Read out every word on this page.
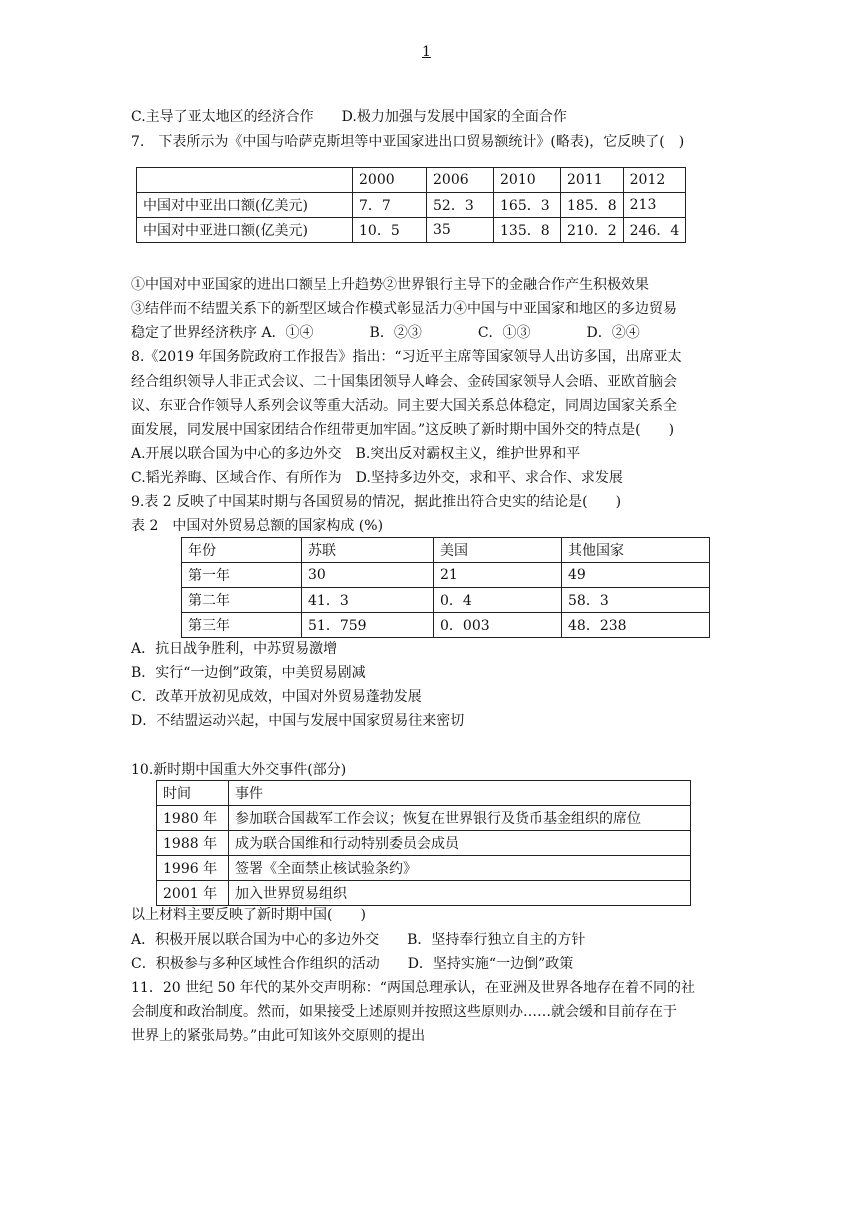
1
C.主导了亚太地区的经济合作　　D.极力加强与发展中国家的全面合作
7.　下表所示为《中国与哈萨克斯坦等中亚国家进出口贸易额统计》(略表)，它反映了(　)
	2000	2006	2010	2011	2012
中国对中亚出口额(亿美元)	7．7	52．3	165．3	185．8	213
中国对中亚进口额(亿美元)	10．5	35	135．8	210．2	246．4
①中国对中亚国家的进出口额呈上升趋势②世界银行主导下的金融合作产生积极效果
③结伴而不结盟关系下的新型区域合作模式彰显活力④中国与中亚国家和地区的多边贸易
稳定了世界经济秩序 A．①④　　　　B．②③　　　　C．①③　　　　D．②④
8.《2019 年国务院政府工作报告》指出：“习近平主席等国家领导人出访多国，出席亚太
经合组织领导人非正式会议、二十国集团领导人峰会、金砖国家领导人会晤、亚欧首脑会
议、东亚合作领导人系列会议等重大活动。同主要大国关系总体稳定，同周边国家关系全
面发展，同发展中国家团结合作纽带更加牢固。”这反映了新时期中国外交的特点是(　　)
A.开展以联合国为中心的多边外交　B.突出反对霸权主义，维护世界和平
C.韬光养晦、区域合作、有所作为　D.坚持多边外交，求和平、求合作、求发展
9.表 2 反映了中国某时期与各国贸易的情况，据此推出符合史实的结论是(　　)
表 2　中国对外贸易总额的国家构成 (%)
年份	苏联	美国	其他国家
第一年	30	21	49
第二年	41．3	0．4	58．3
第三年	51．759	0．003	48．238
A．抗日战争胜利，中苏贸易激增
B．实行“一边倒”政策，中美贸易剧减
C．改革开放初见成效，中国对外贸易蓬勃发展
D．不结盟运动兴起，中国与发展中国家贸易往来密切
10.新时期中国重大外交事件(部分)
时间	事件
1980 年	参加联合国裁军工作会议；恢复在世界银行及货币基金组织的席位
1988 年	成为联合国维和行动特别委员会成员
1996 年	签署《全面禁止核试验条约》
2001 年	加入世界贸易组织
以上材料主要反映了新时期中国(　　)
A．积极开展以联合国为中心的多边外交　　B．坚持奉行独立自主的方针
C．积极参与多种区域性合作组织的活动　　D．坚持实施“一边倒”政策
11．20 世纪 50 年代的某外交声明称：“两国总理承认，在亚洲及世界各地存在着不同的社
会制度和政治制度。然而，如果接受上述原则并按照这些原则办……就会缓和目前存在于
世界上的紧张局势。”由此可知该外交原则的提出
